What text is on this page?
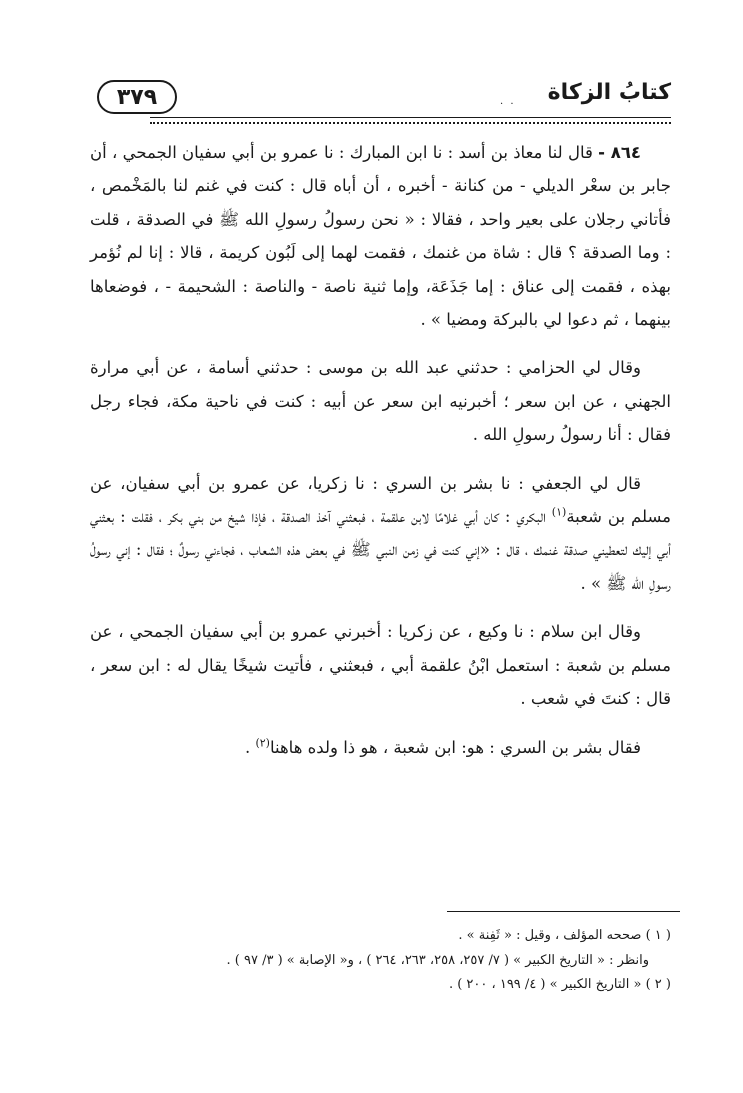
٣٧٩	. . كتابُ الزكاة

٨٦٤ - قال لنا معاذ بن أسد : نا ابن المبارك : نا عمرو بن أبي سفيان الجمحي ، أن جابر بن سعْر الديلي - من كنانة - أخبره ، أن أباه قال : كنت في غنم لنا بالمَخْمص ، فأتاني رجلان على بعير واحد ، فقالا : « نحن رسولُ رسولِ الله ﷺ في الصدقة ، قلت : وما الصدقة ؟ قال : شاة من غنمك ، فقمت لهما إلى لَبُون كريمة ، قالا : إنا لم نُؤمر بهذه ، فقمت إلى عناق : إما جَذَعَة، وإما ثنية ناصة - والناصة : الشحيمة - ، فوضعاها بينهما ، ثم دعوا لي بالبركة ومضيا » .

وقال لي الحزامي : حدثني عبد الله بن موسى : حدثني أسامة ، عن أبي مرارة الجهني ، عن ابن سعر ؛ أخبرنيه ابن سعر عن أبيه : كنت في ناحية مكة، فجاء رجل فقال : أنا رسولُ رسولِ الله .

قال لي الجعفي : نا بشر بن السري : نا زكريا، عن عمرو بن أبي سفيان، عن مسلم بن شعبة$^{(١)}$ البكري : كان أبي غلامًا لابن علقمة ، فبعثني آخذ الصدقة ، فإذا شيخ من بني بكر ، فقلت : بعثني أبي إليك لتعطيني صدقة غنمك ، قال : «إني كنت في زمن النبي ﷺ في بعض هذه الشعاب ، فجاءني رسولٌ ؛ فقال : إني رسولُ رسولِ الله ﷺ » .

وقال ابن سلام : نا وكيع ، عن زكريا : أخبرني عمرو بن أبي سفيان الجمحي ، عن مسلم بن شعبة : استعمل ابْنُ علقمة أبي ، فبعثني ، فأتيت شيخًا يقال له : ابن سعر ، قال : كنتَ في شعب .

فقال بشر بن السري : هو: ابن شعبة ، هو ذا ولده هاهنا$^{(٢)}$ .

( ١ ) صححه المؤلف ، وقيل : « ثَفِنة » .
وانظر : « التاريخ الكبير » ( ٧/ ٢٥٧، ٢٥٨، ٢٦٣، ٢٦٤ ) ، و« الإصابة » ( ٣/ ٩٧ ) .
( ٢ ) « التاريخ الكبير » ( ٤/ ١٩٩ ، ٢٠٠ ) .
